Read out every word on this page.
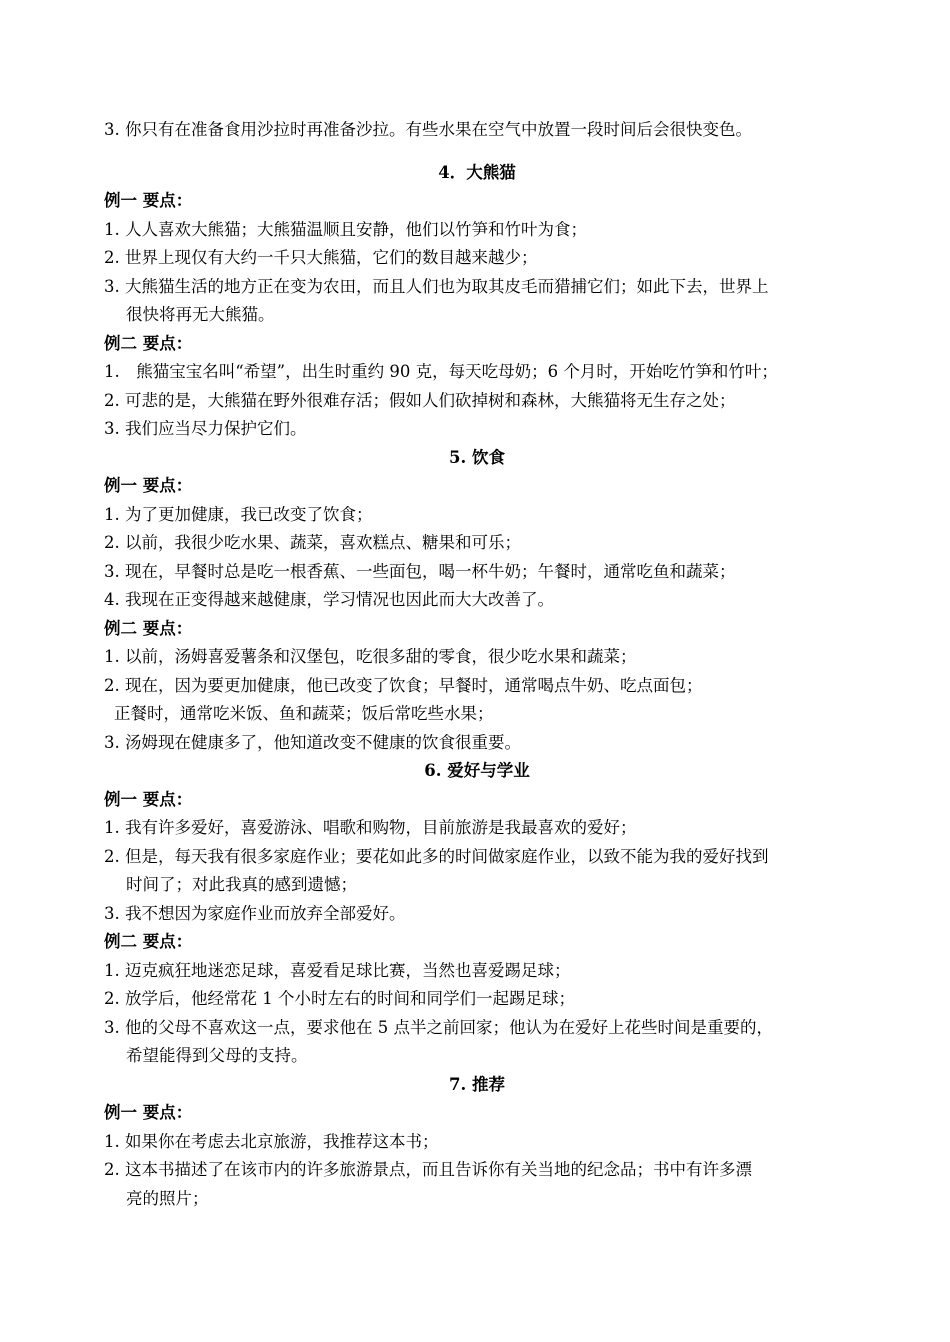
3. 你只有在准备食用沙拉时再准备沙拉。有些水果在空气中放置一段时间后会很快变色。
4．大熊猫
例一 要点：
1. 人人喜欢大熊猫；大熊猫温顺且安静，他们以竹笋和竹叶为食；
2. 世界上现仅有大约一千只大熊猫，它们的数目越来越少；
3. 大熊猫生活的地方正在变为农田，而且人们也为取其皮毛而猎捕它们；如此下去，世界上
很快将再无大熊猫。
例二 要点：
1.　熊猫宝宝名叫“希望”，出生时重约 90 克，每天吃母奶；6 个月时，开始吃竹笋和竹叶；
2. 可悲的是，大熊猫在野外很难存活；假如人们砍掉树和森林，大熊猫将无生存之处；
3. 我们应当尽力保护它们。
5. 饮食
例一 要点：
1. 为了更加健康，我已改变了饮食；
2. 以前，我很少吃水果、蔬菜，喜欢糕点、糖果和可乐；
3. 现在，早餐时总是吃一根香蕉、一些面包，喝一杯牛奶；午餐时，通常吃鱼和蔬菜；
4. 我现在正变得越来越健康，学习情况也因此而大大改善了。
例二 要点：
1. 以前，汤姆喜爱薯条和汉堡包，吃很多甜的零食，很少吃水果和蔬菜；
2. 现在，因为要更加健康，他已改变了饮食；早餐时，通常喝点牛奶、吃点面包；
正餐时，通常吃米饭、鱼和蔬菜；饭后常吃些水果；
3. 汤姆现在健康多了，他知道改变不健康的饮食很重要。
6. 爱好与学业
例一 要点：
1. 我有许多爱好，喜爱游泳、唱歌和购物，目前旅游是我最喜欢的爱好；
2. 但是，每天我有很多家庭作业；要花如此多的时间做家庭作业，以致不能为我的爱好找到
时间了；对此我真的感到遗憾；
3. 我不想因为家庭作业而放弃全部爱好。
例二 要点：
1. 迈克疯狂地迷恋足球，喜爱看足球比赛，当然也喜爱踢足球；
2. 放学后，他经常花 1 个小时左右的时间和同学们一起踢足球；
3. 他的父母不喜欢这一点，要求他在 5 点半之前回家；他认为在爱好上花些时间是重要的，
希望能得到父母的支持。
7. 推荐
例一 要点：
1. 如果你在考虑去北京旅游，我推荐这本书；
2. 这本书描述了在该市内的许多旅游景点，而且告诉你有关当地的纪念品；书中有许多漂
亮的照片；
